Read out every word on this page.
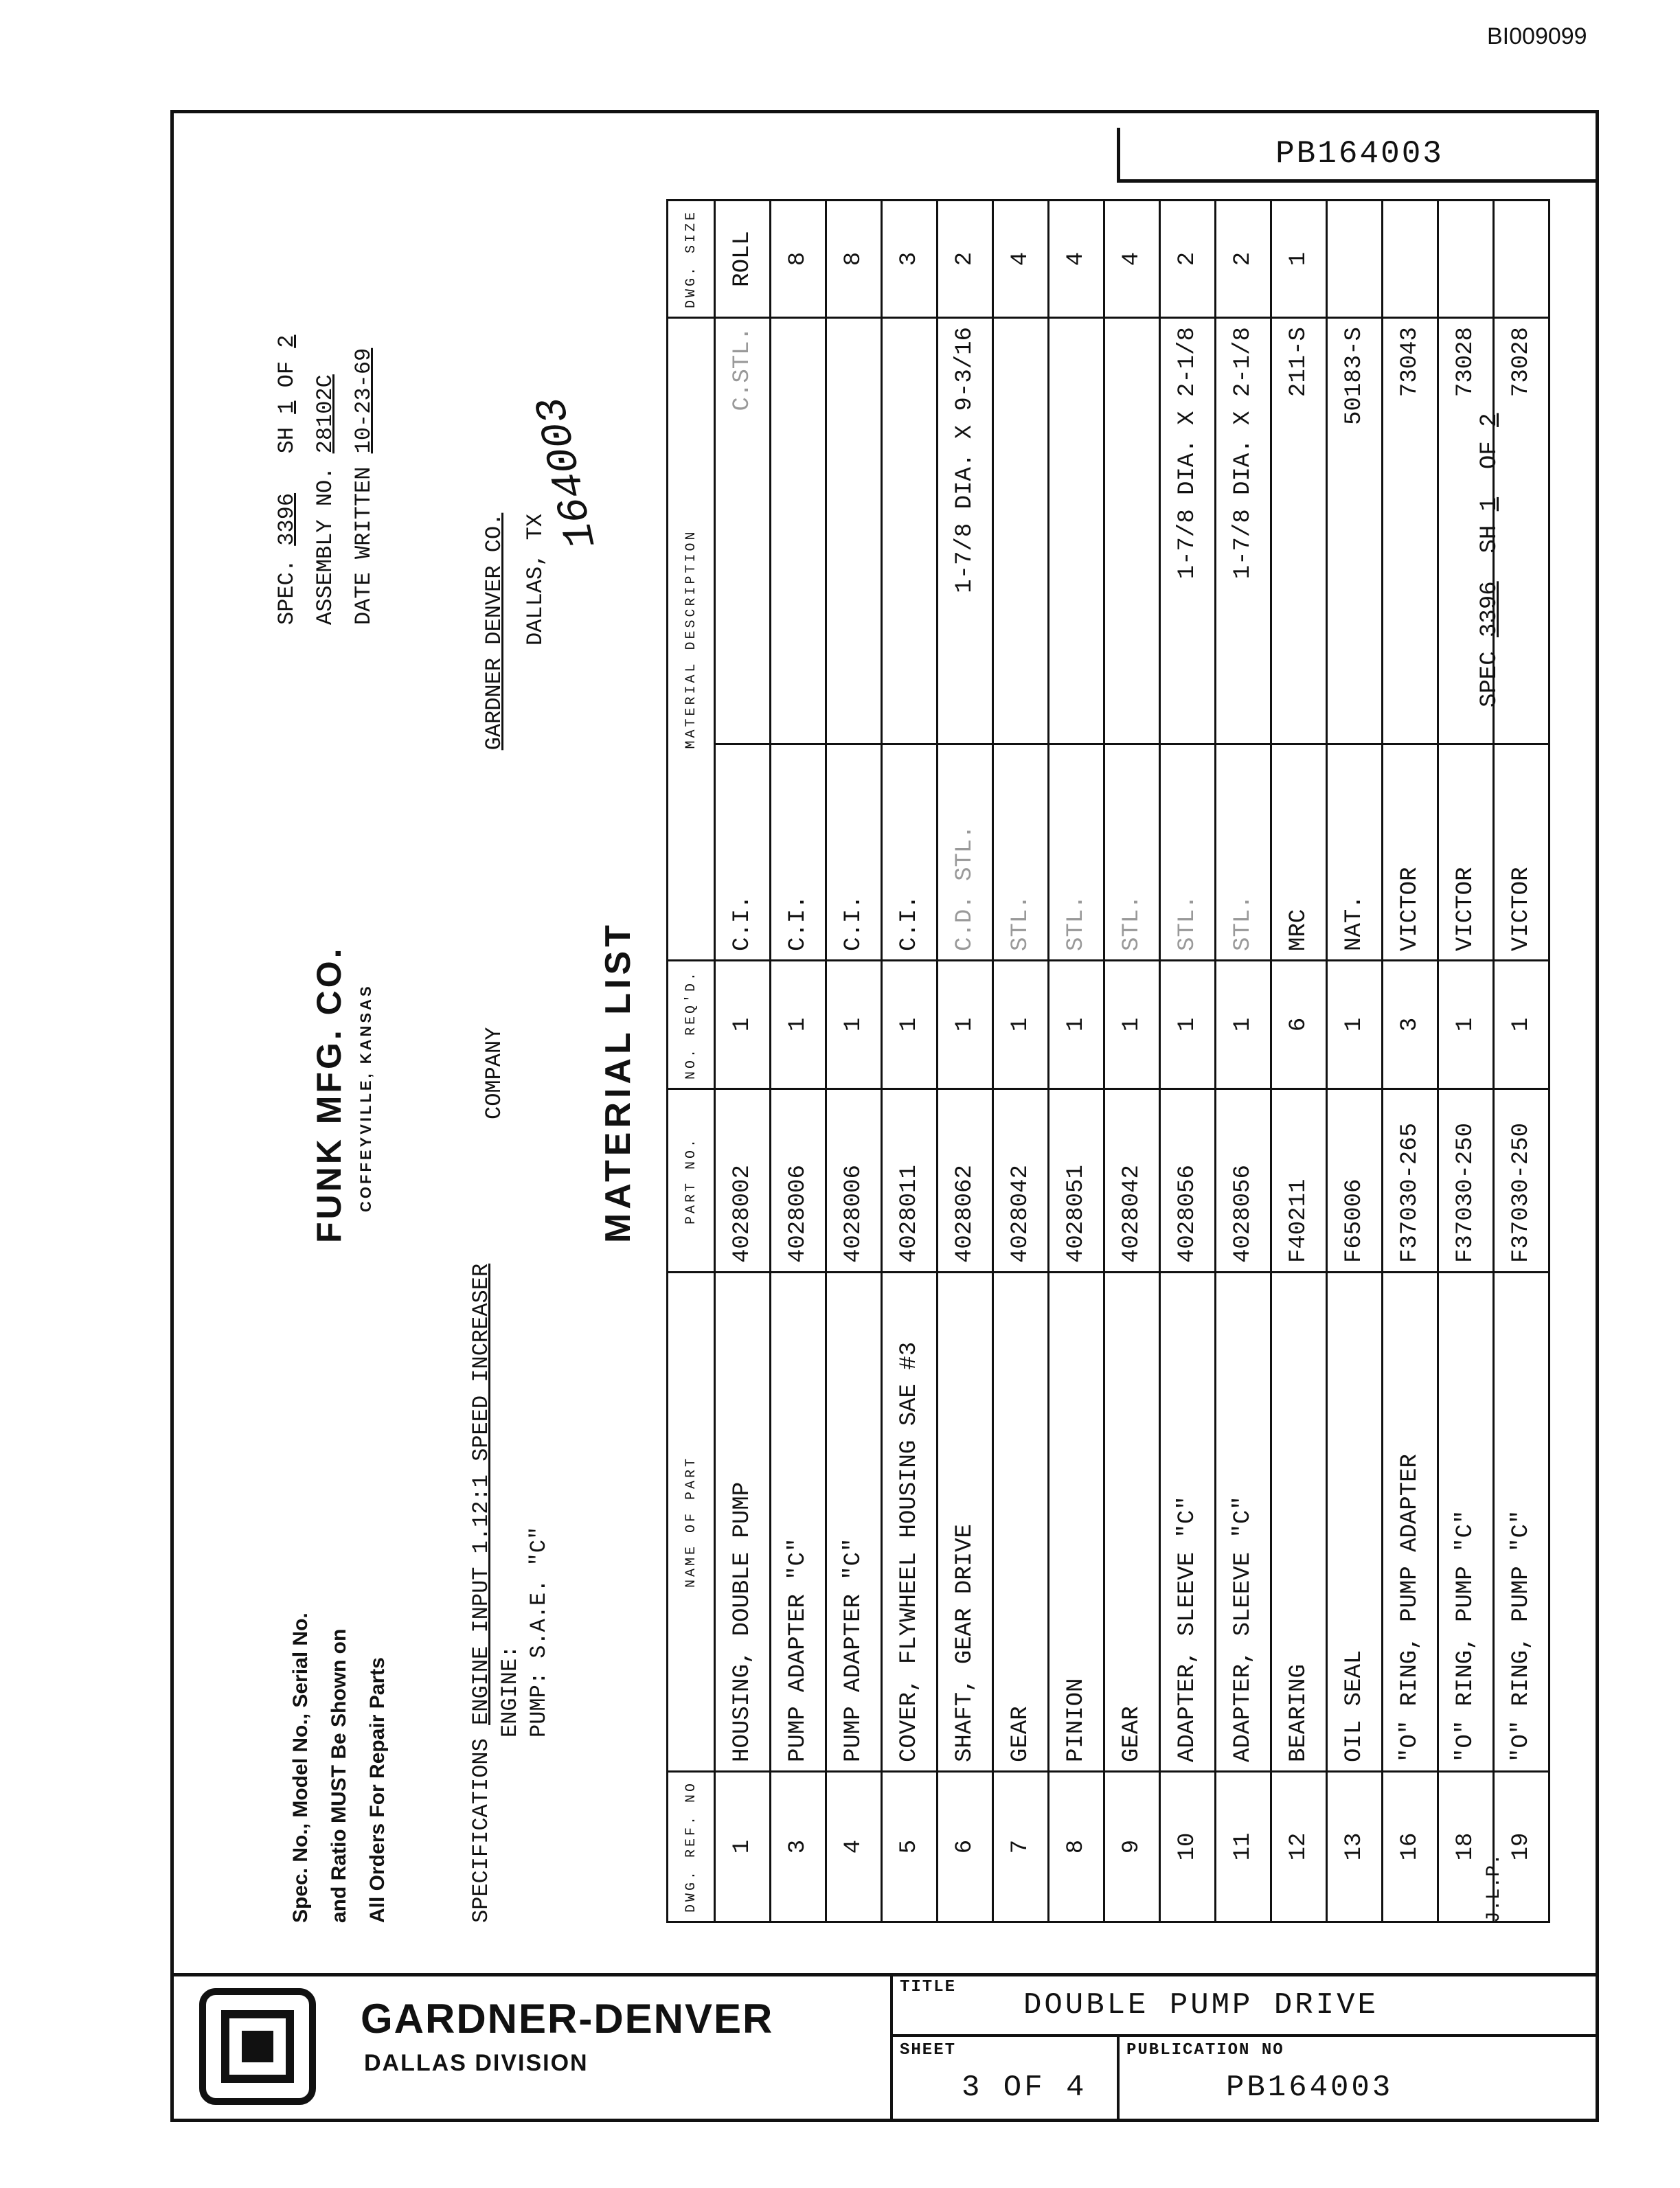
BI009099
PB164003
Spec. No., Model No., Serial No. and Ratio MUST Be Shown on All Orders For Repair Parts
FUNK MFG. CO. COFFEYVILLE, KANSAS
SPEC. 3396   SH 1 OF 2
ASSEMBLY NO. 28102C
DATE WRITTEN 10-23-69
SPECIFICATIONS ENGINE INPUT 1.12:1 SPEED INCREASER ENGINE: PUMP: S.A.E. "C"
COMPANY                     GARDNER DENVER CO. DALLAS, TX
164003
MATERIAL LIST
DWG. REF. NO	NAME OF PART	PART NO.	NO. REQ'D.	MATERIAL DESCRIPTION		DWG. SIZE
1	HOUSING, DOUBLE PUMP	4028002	1	C.I.	C.STL.	ROLL
3	PUMP ADAPTER "C"	4028006	1	C.I.		8
4	PUMP ADAPTER "C"	4028006	1	C.I.		8
5	COVER, FLYWHEEL HOUSING SAE #3	4028011	1	C.I.		3
6	SHAFT, GEAR DRIVE	4028062	1	C.D. STL.	1-7/8 DIA. X 9-3/16	2
7	GEAR	4028042	1	STL.		4
8	PINION	4028051	1	STL.		4
9	GEAR	4028042	1	STL.		4
10	ADAPTER, SLEEVE "C"	4028056	1	STL.	1-7/8 DIA. X 2-1/8	2
11	ADAPTER, SLEEVE "C"	4028056	1	STL.	1-7/8 DIA. X 2-1/8	2
12	BEARING	F40211	6	MRC	211-S	1
13	OIL SEAL	F65006	1	NAT.	50183-S	
16	"O" RING, PUMP ADAPTER	F37030-265	3	VICTOR	73043	
18	"O" RING, PUMP "C"	F37030-250	1	VICTOR	73028	
19	"O" RING, PUMP "C"	F37030-250	1	VICTOR	73028	
J.L.P.
SPEC 3396  SH 1  OF 2
GARDNER-DENVER
DALLAS DIVISION
TITLE
DOUBLE PUMP DRIVE
SHEET
3 OF 4
PUBLICATION NO
PB164003
